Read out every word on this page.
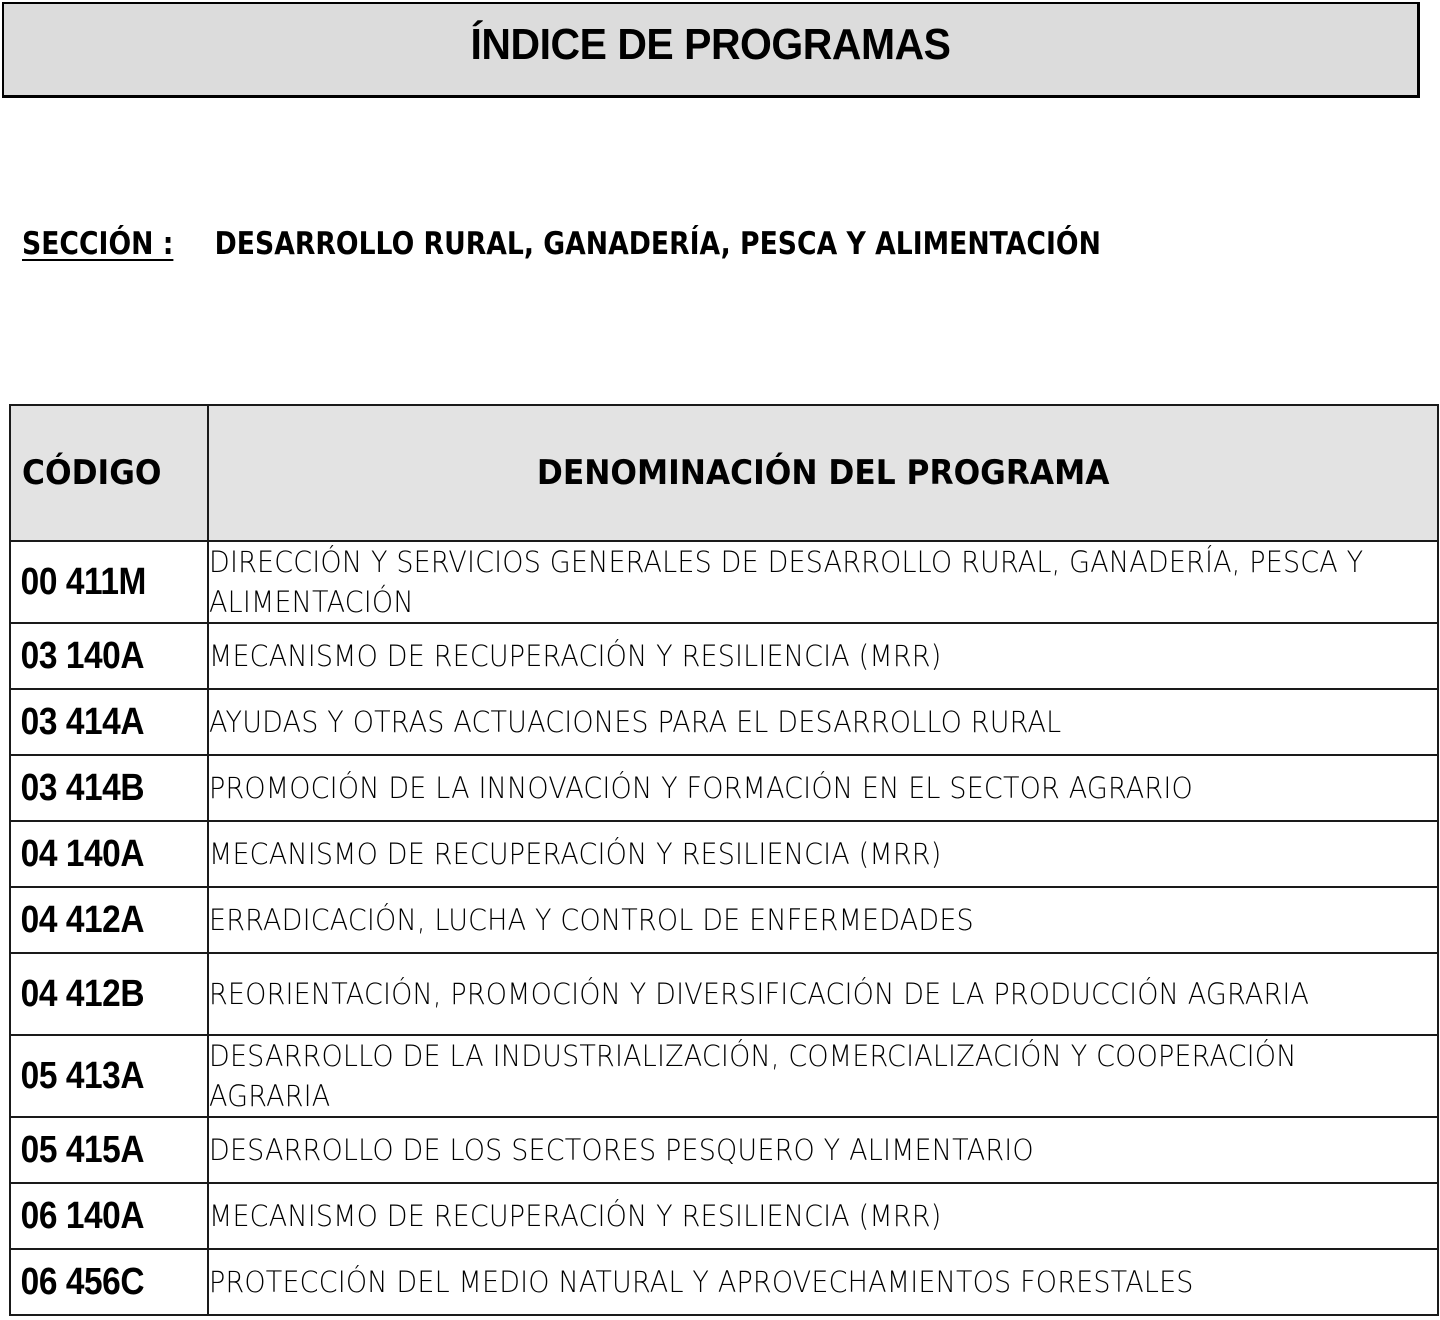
ÍNDICE DE PROGRAMAS
SECCIÓN : DESARROLLO RURAL, GANADERÍA, PESCA Y ALIMENTACIÓN
CÓDIGO	DENOMINACIÓN DEL PROGRAMA
00 411M	DIRECCIÓN Y SERVICIOS GENERALES DE DESARROLLO RURAL, GANADERÍA, PESCA Y ALIMENTACIÓN

03 140A	MECANISMO DE RECUPERACIÓN Y RESILIENCIA (MRR)

03 414A	AYUDAS Y OTRAS ACTUACIONES PARA EL DESARROLLO RURAL

03 414B	PROMOCIÓN DE LA INNOVACIÓN Y FORMACIÓN EN EL SECTOR AGRARIO

04 140A	MECANISMO DE RECUPERACIÓN Y RESILIENCIA (MRR)

04 412A	ERRADICACIÓN, LUCHA Y CONTROL DE ENFERMEDADES

04 412B	REORIENTACIÓN, PROMOCIÓN Y DIVERSIFICACIÓN DE LA PRODUCCIÓN AGRARIA

05 413A	DESARROLLO DE LA INDUSTRIALIZACIÓN, COMERCIALIZACIÓN Y COOPERACIÓN AGRARIA

05 415A	DESARROLLO DE LOS SECTORES PESQUERO Y ALIMENTARIO

06 140A	MECANISMO DE RECUPERACIÓN Y RESILIENCIA (MRR)

06 456C	PROTECCIÓN DEL MEDIO NATURAL Y APROVECHAMIENTOS FORESTALES
